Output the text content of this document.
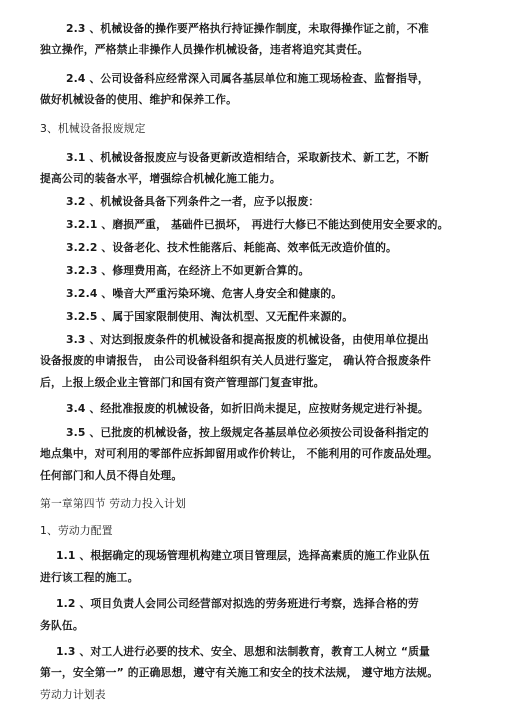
2.3 、机械设备的操作要严格执行持证操作制度，未取得操作证之前，不准
独立操作，严格禁止非操作人员操作机械设备，违者将追究其责任。
2.4 、公司设备科应经常深入司属各基层单位和施工现场检查、监督指导，
做好机械设备的使用、维护和保养工作。
3、机械设备报废规定
3.1 、机械设备报废应与设备更新改造相结合，采取新技术、新工艺，不断
提高公司的装备水平，增强综合机械化施工能力。
3.2 、机械设备具备下列条件之一者，应予以报废：
3.2.1 、磨损严重， 基础件已损坏， 再进行大修已不能达到使用安全要求的。
3.2.2 、设备老化、技术性能落后、耗能高、效率低无改造价值的。
3.2.3 、修理费用高，在经济上不如更新合算的。
3.2.4 、噪音大严重污染环境、危害人身安全和健康的。
3.2.5 、属于国家限制使用、淘汰机型、又无配件来源的。
3.3 、对达到报废条件的机械设备和提高报废的机械设备，由使用单位提出
设备报废的申请报告， 由公司设备科组织有关人员进行鉴定， 确认符合报废条件
后，上报上级企业主管部门和国有资产管理部门复查审批。
3.4 、经批准报废的机械设备，如折旧尚未提足，应按财务规定进行补提。
3.5 、已批废的机械设备，按上级规定各基层单位必须按公司设备科指定的
地点集中，对可利用的零部件应拆卸留用或作价转让， 不能利用的可作废品处理。
任何部门和人员不得自处理。
第一章第四节 劳动力投入计划
1、劳动力配置
1.1 、根据确定的现场管理机构建立项目管理层，选择高素质的施工作业队伍
进行该工程的施工。
1.2 、项目负责人会同公司经营部对拟选的劳务班进行考察，选择合格的劳
务队伍。
1.3 、对工人进行必要的技术、安全、思想和法制教育，教育工人树立 “质量
第一，安全第一” 的正确思想，遵守有关施工和安全的技术法规， 遵守地方法规。
劳动力计划表
